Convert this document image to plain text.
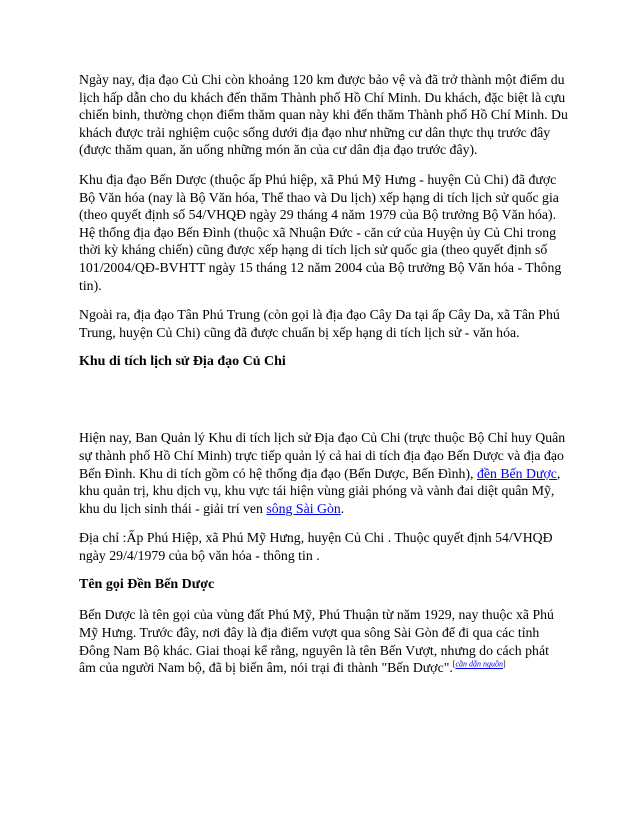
Ngày nay, địa đạo Củ Chi còn khoảng 120 km được bảo vệ và đã trở thành một điểm du lịch hấp dẫn cho du khách đến thăm Thành phố Hồ Chí Minh. Du khách, đặc biệt là cựu chiến binh, thường chọn điểm thăm quan này khi đến thăm Thành phố Hồ Chí Minh. Du khách được trải nghiệm cuộc sống dưới địa đạo như những cư dân thực thụ trước đây (được thăm quan, ăn uống những món ăn của cư dân địa đạo trước đây).

Khu địa đạo Bến Dược (thuộc ấp Phú hiệp, xã Phú Mỹ Hưng - huyện Củ Chi) đã được Bộ Văn hóa (nay là Bộ Văn hóa, Thể thao và Du lịch) xếp hạng di tích lịch sử quốc gia (theo quyết định số 54/VHQĐ ngày 29 tháng 4 năm 1979 của Bộ trưởng Bộ Văn hóa). Hệ thống địa đạo Bến Đình (thuộc xã Nhuận Đức - căn cứ của Huyện ủy Củ Chi trong thời kỳ kháng chiến) cũng được xếp hạng di tích lịch sử quốc gia (theo quyết định số 101/2004/QĐ-BVHTT ngày 15 tháng 12 năm 2004 của Bộ trưởng Bộ Văn hóa - Thông tin).

Ngoài ra, địa đạo Tân Phú Trung (còn gọi là địa đạo Cây Da tại ấp Cây Da, xã Tân Phú Trung, huyện Củ Chi) cũng đã được chuẩn bị xếp hạng di tích lịch sử - văn hóa.

Khu di tích lịch sử Địa đạo Củ Chi

Hiện nay, Ban Quản lý Khu di tích lịch sử Địa đạo Củ Chi (trực thuộc Bộ Chỉ huy Quân sự thành phố Hồ Chí Minh) trực tiếp quản lý cả hai di tích địa đạo Bến Dược và địa đạo Bến Đình. Khu di tích gồm có hệ thống địa đạo (Bến Dược, Bến Đình), đền Bến Dược, khu quản trị, khu dịch vụ, khu vực tái hiện vùng giải phóng và vành đai diệt quân Mỹ, khu du lịch sinh thái - giải trí ven sông Sài Gòn.

Địa chỉ :Ấp Phú Hiệp, xã Phú Mỹ Hưng, huyện Củ Chi . Thuộc quyết định 54/VHQĐ ngày 29/4/1979 của bộ văn hóa - thông tin .

Tên gọi Đền Bến Dược

Bến Dược là tên gọi của vùng đất Phú Mỹ, Phú Thuận từ năm 1929, nay thuộc xã Phú Mỹ Hưng. Trước đây, nơi đây là địa điểm vượt qua sông Sài Gòn để đi qua các tỉnh Đông Nam Bộ khác. Giai thoại kể rằng, nguyên là tên Bến Vượt, nhưng do cách phát âm của người Nam bộ, đã bị biến âm, nói trại đi thành "Bến Dược".[cần dẫn nguồn]
